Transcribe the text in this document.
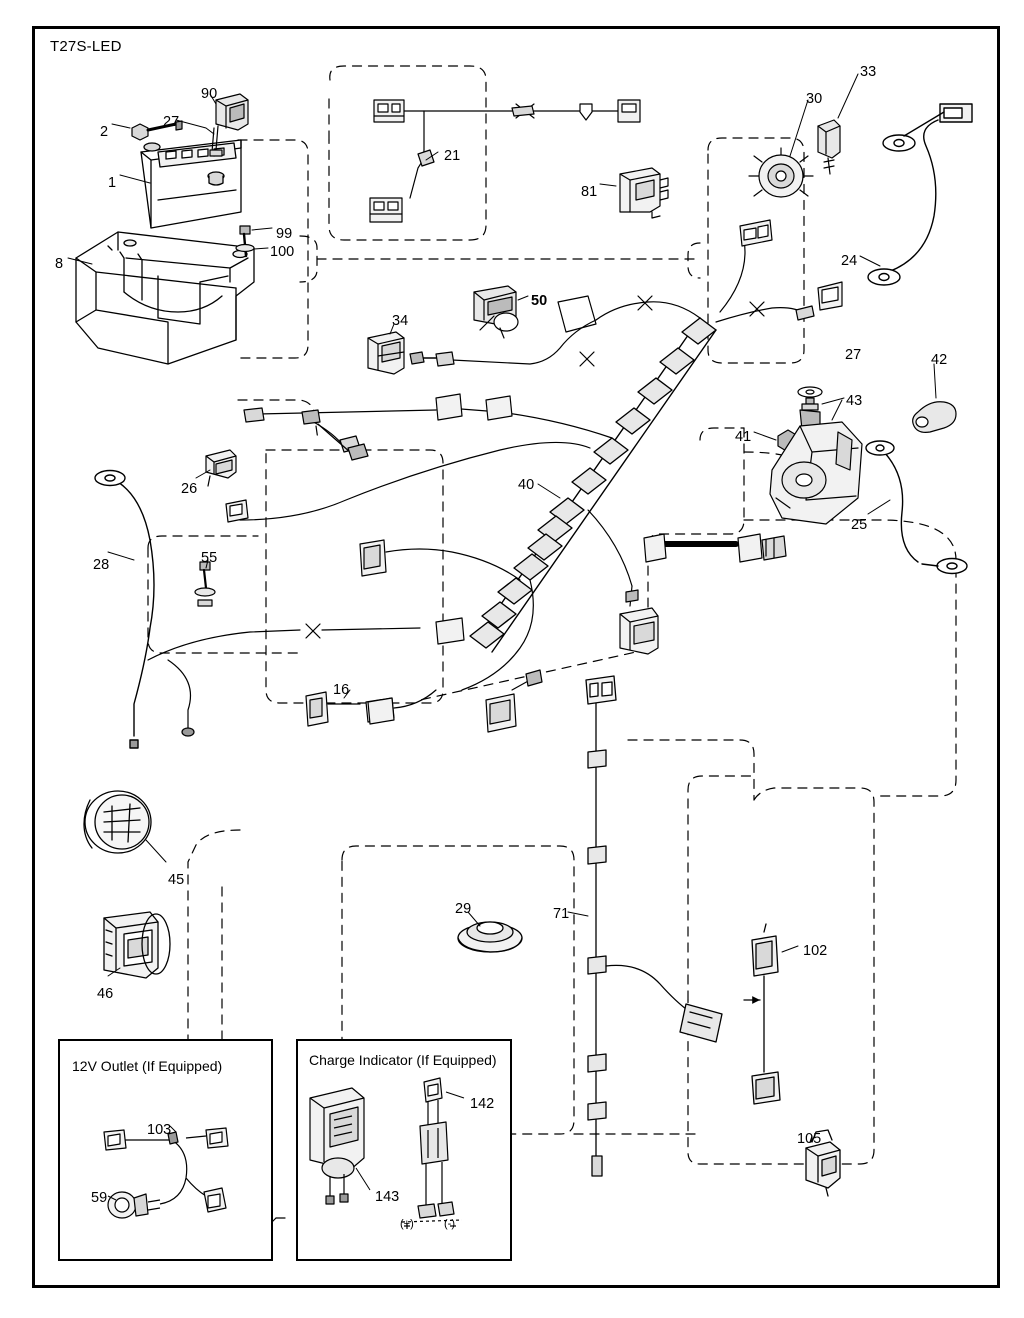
T27S-LED
12V Outlet (If Equipped)	Charge Indicator (If Equipped)
(+)	(-)
1
2
8
16
21
24
25
26
27
27
28
29
30
33
34
40
41
42
43
45
46
50
55
59
71
81
90
99
100
102
103
105
142
143
